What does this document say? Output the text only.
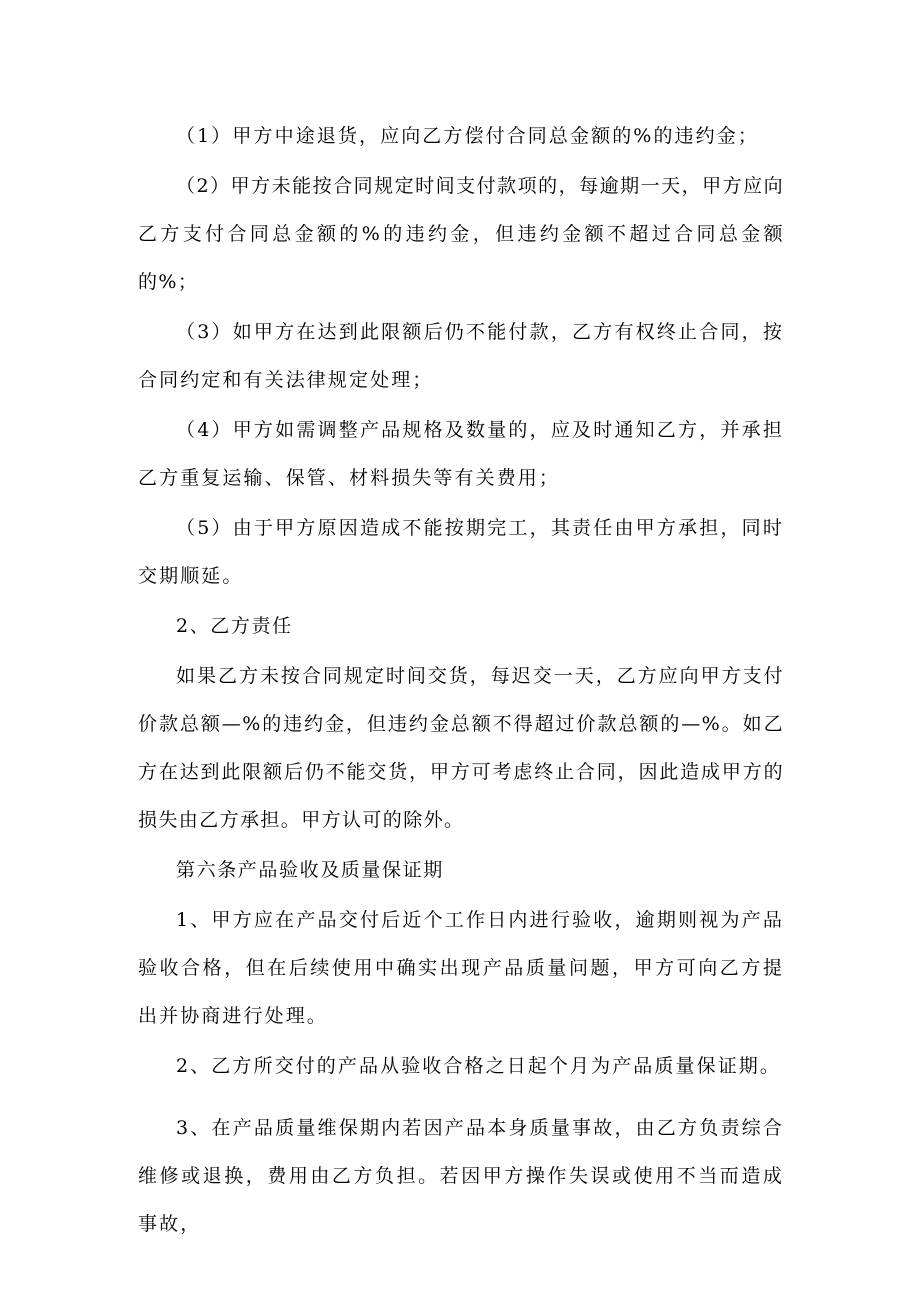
（1）甲方中途退货，应向乙方偿付合同总金额的%的违约金；

（2）甲方未能按合同规定时间支付款项的，每逾期一天，甲方应向乙方支付合同总金额的%的违约金，但违约金额不超过合同总金额的%；

（3）如甲方在达到此限额后仍不能付款，乙方有权终止合同，按合同约定和有关法律规定处理；

（4）甲方如需调整产品规格及数量的，应及时通知乙方，并承担乙方重复运输、保管、材料损失等有关费用；

（5）由于甲方原因造成不能按期完工，其责任由甲方承担，同时交期顺延。

2、乙方责任

如果乙方未按合同规定时间交货，每迟交一天，乙方应向甲方支付价款总额—%的违约金，但违约金总额不得超过价款总额的—%。如乙方在达到此限额后仍不能交货，甲方可考虑终止合同，因此造成甲方的损失由乙方承担。甲方认可的除外。

第六条产品验收及质量保证期

1、甲方应在产品交付后近个工作日内进行验收，逾期则视为产品验收合格，但在后续使用中确实出现产品质量问题，甲方可向乙方提出并协商进行处理。

2、乙方所交付的产品从验收合格之日起个月为产品质量保证期。

3、在产品质量维保期内若因产品本身质量事故，由乙方负责综合维修或退换，费用由乙方负担。若因甲方操作失误或使用不当而造成事故，
